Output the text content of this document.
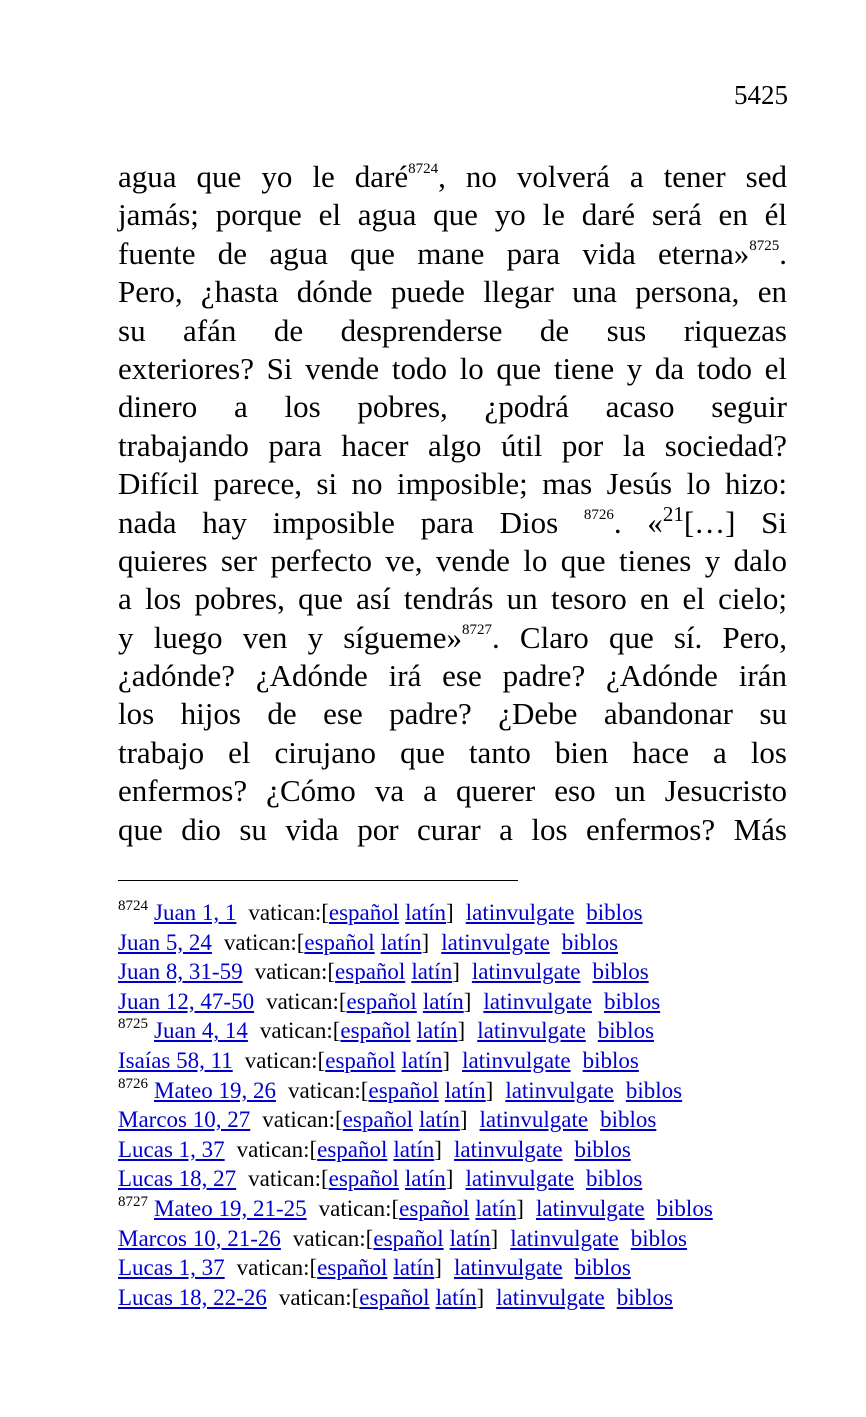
5425
agua que yo le daré$^{8724}$, no volverá a tener sed
jamás; porque el agua que yo le daré será en él
fuente de agua que mane para vida eterna»$^{8725}$.
Pero, ¿hasta dónde puede llegar una persona, en
su afán de desprenderse de sus riquezas
exteriores? Si vende todo lo que tiene y da todo el
dinero a los pobres, ¿podrá acaso seguir
trabajando para hacer algo útil por la sociedad?
Difícil parece, si no imposible; mas Jesús lo hizo:
nada hay imposible para Dios $^{8726}$. «$^{21}$[…] Si
quieres ser perfecto ve, vende lo que tienes y dalo
a los pobres, que así tendrás un tesoro en el cielo;
y luego ven y sígueme»$^{8727}$. Claro que sí. Pero,
¿adónde? ¿Adónde irá ese padre? ¿Adónde irán
los hijos de ese padre? ¿Debe abandonar su
trabajo el cirujano que tanto bien hace a los
enfermos? ¿Cómo va a querer eso un Jesucristo
que dio su vida por curar a los enfermos? Más
$^{8724}$ Juan 1, 1 vatican:[español latín] latinvulgate biblos
Juan 5, 24 vatican:[español latín] latinvulgate biblos
Juan 8, 31-59 vatican:[español latín] latinvulgate biblos
Juan 12, 47-50 vatican:[español latín] latinvulgate biblos
$^{8725}$ Juan 4, 14 vatican:[español latín] latinvulgate biblos
Isaías 58, 11 vatican:[español latín] latinvulgate biblos
$^{8726}$ Mateo 19, 26 vatican:[español latín] latinvulgate biblos
Marcos 10, 27 vatican:[español latín] latinvulgate biblos
Lucas 1, 37 vatican:[español latín] latinvulgate biblos
Lucas 18, 27 vatican:[español latín] latinvulgate biblos
$^{8727}$ Mateo 19, 21-25 vatican:[español latín] latinvulgate biblos
Marcos 10, 21-26 vatican:[español latín] latinvulgate biblos
Lucas 1, 37 vatican:[español latín] latinvulgate biblos
Lucas 18, 22-26 vatican:[español latín] latinvulgate biblos
